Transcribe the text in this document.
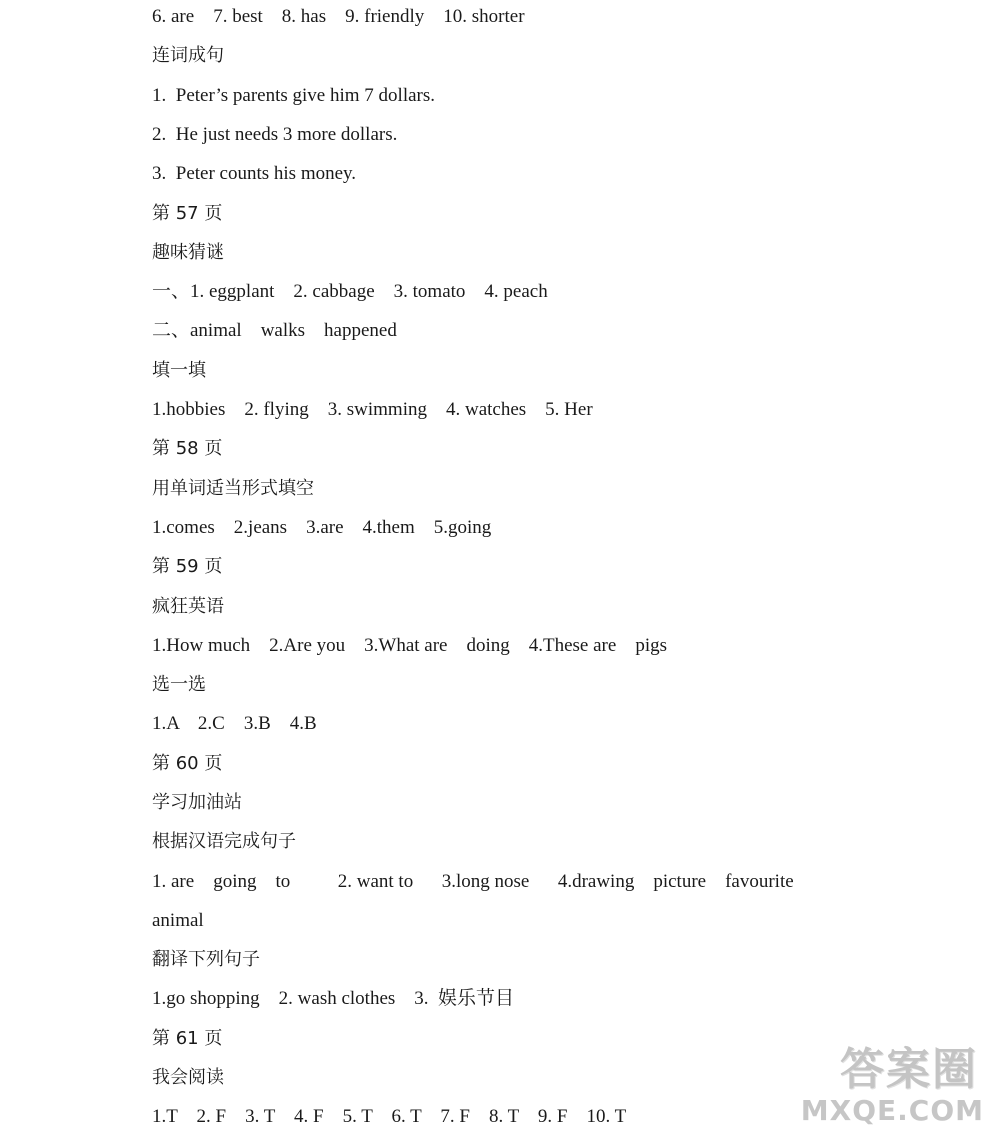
6. are    7. best    8. has    9. friendly    10. shorter
连词成句
1.  Peter’s parents give him 7 dollars.
2.  He just needs 3 more dollars.
3.  Peter counts his money.
第 57 页
趣味猜谜
一、1. eggplant    2. cabbage    3. tomato    4. peach
二、animal    walks    happened
填一填
1.hobbies    2. flying    3. swimming    4. watches    5. Her
第 58 页
用单词适当形式填空
1.comes    2.jeans    3.are    4.them    5.going
第 59 页
疯狂英语
1.How much    2.Are you    3.What are    doing    4.These are    pigs
选一选
1.A    2.C    3.B    4.B
第 60 页
学习加油站
根据汉语完成句子
1. are    going    to          2. want to      3.long nose      4.drawing    picture    favourite
animal
翻译下列句子
1.go shopping    2. wash clothes    3.  娱乐节目
第 61 页
我会阅读
1.T    2. F    3. T    4. F    5. T    6. T    7. F    8. T    9. F    10. T
答案圈
MXQE.COM
